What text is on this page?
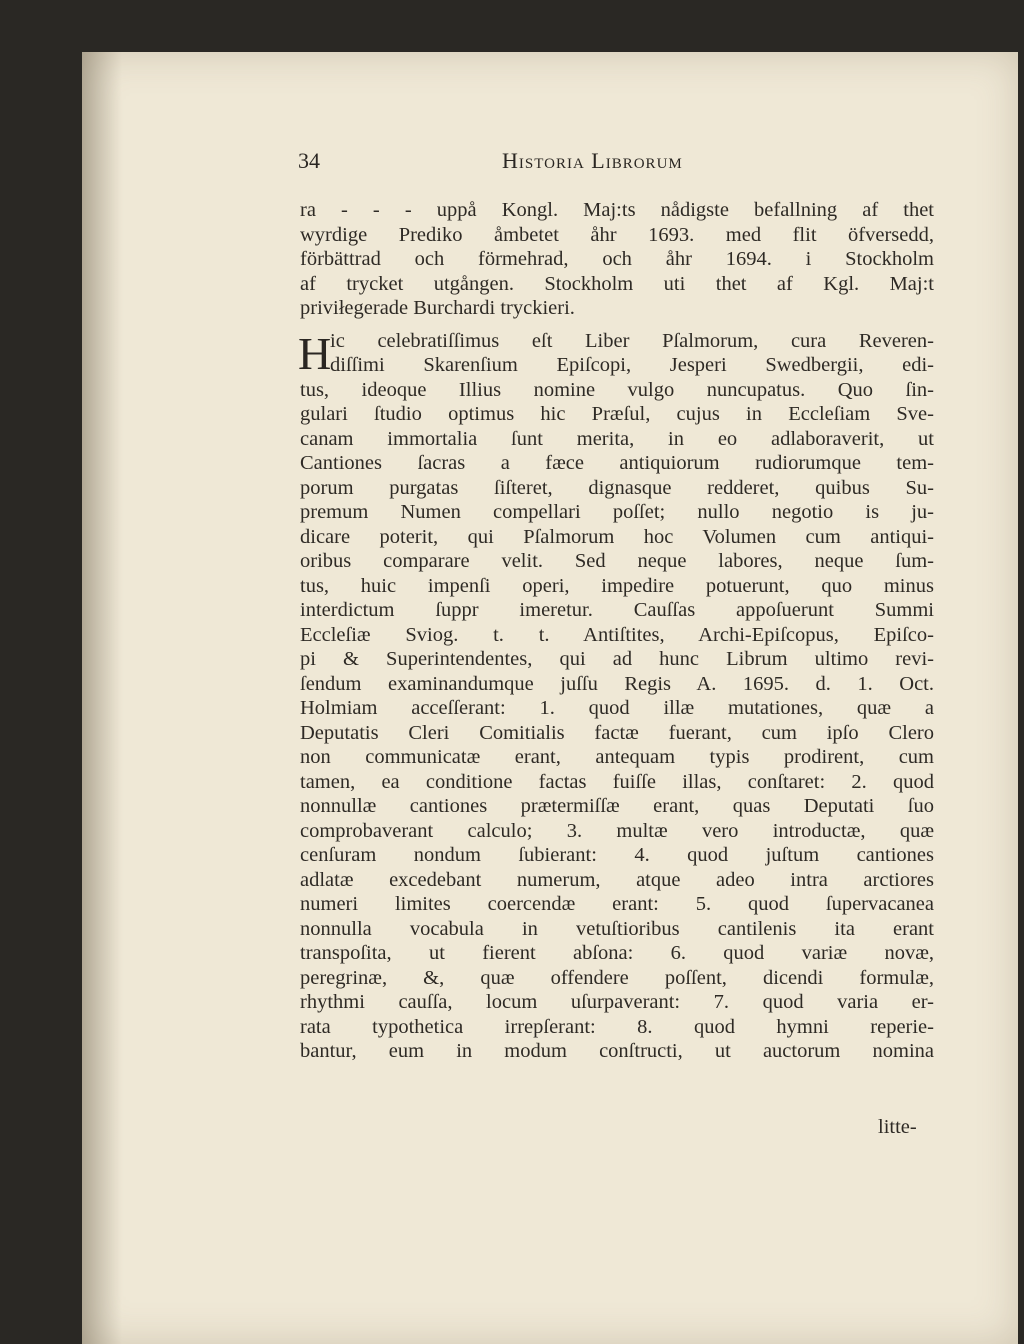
34	Historia Librorum
ra - - - uppå Kongl. Maj:ts nådigste befallning af thet
wyrdige Prediko åmbetet åhr 1693. med flit öfversedd,
förbättrad och förmehrad, och åhr 1694. i Stockholm
af trycket utgången. Stockholm uti thet af Kgl. Maj:t
priviłegerade Burchardi tryckieri.
H
ic celebratiſſimus eſt Liber Pſalmorum, cura Reveren-
diſſimi Skarenſium Epiſcopi, Jesperi Swedbergii, edi-
tus, ideoque Illius nomine vulgo nuncupatus. Quo ſin-
gulari ſtudio optimus hic Præſul, cujus in Eccleſiam Sve-
canam immortalia ſunt merita, in eo adlaboraverit, ut
Cantiones ſacras a fæce antiquiorum rudiorumque tem-
porum purgatas ſiſteret, dignasque redderet, quibus Su-
premum Numen compellari poſſet; nullo negotio is ju-
dicare poterit, qui Pſalmorum hoc Volumen cum antiqui-
oribus comparare velit. Sed neque labores, neque ſum-
tus, huic impenſi operi, impedire potuerunt, quo minus
interdictum ſuppr imeretur. Cauſſas appoſuerunt Summi
Eccleſiæ Sviog. t. t. Antiſtites, Archi-Epiſcopus, Epiſco-
pi & Superintendentes, qui ad hunc Librum ultimo revi-
ſendum examinandumque juſſu Regis A. 1695. d. 1. Oct.
Holmiam acceſſerant: 1. quod illæ mutationes, quæ a
Deputatis Cleri Comitialis factæ fuerant, cum ipſo Clero
non communicatæ erant, antequam typis prodirent, cum
tamen, ea conditione factas fuiſſe illas, conſtaret: 2. quod
nonnullæ cantiones prætermiſſæ erant, quas Deputati ſuo
comprobaverant calculo; 3. multæ vero introductæ, quæ
cenſuram nondum ſubierant: 4. quod juſtum cantiones
adlatæ excedebant numerum, atque adeo intra arctiores
numeri limites coercendæ erant: 5. quod ſupervacanea
nonnulla vocabula in vetuſtioribus cantilenis ita erant
transpoſita, ut fierent abſona: 6. quod variæ novæ,
peregrinæ, &, quæ offendere poſſent, dicendi formulæ,
rhythmi cauſſa, locum uſurpaverant: 7. quod varia er-
rata typothetica irrepſerant: 8. quod hymni reperie-
bantur, eum in modum conſtructi, ut auctorum nomina
litte-
